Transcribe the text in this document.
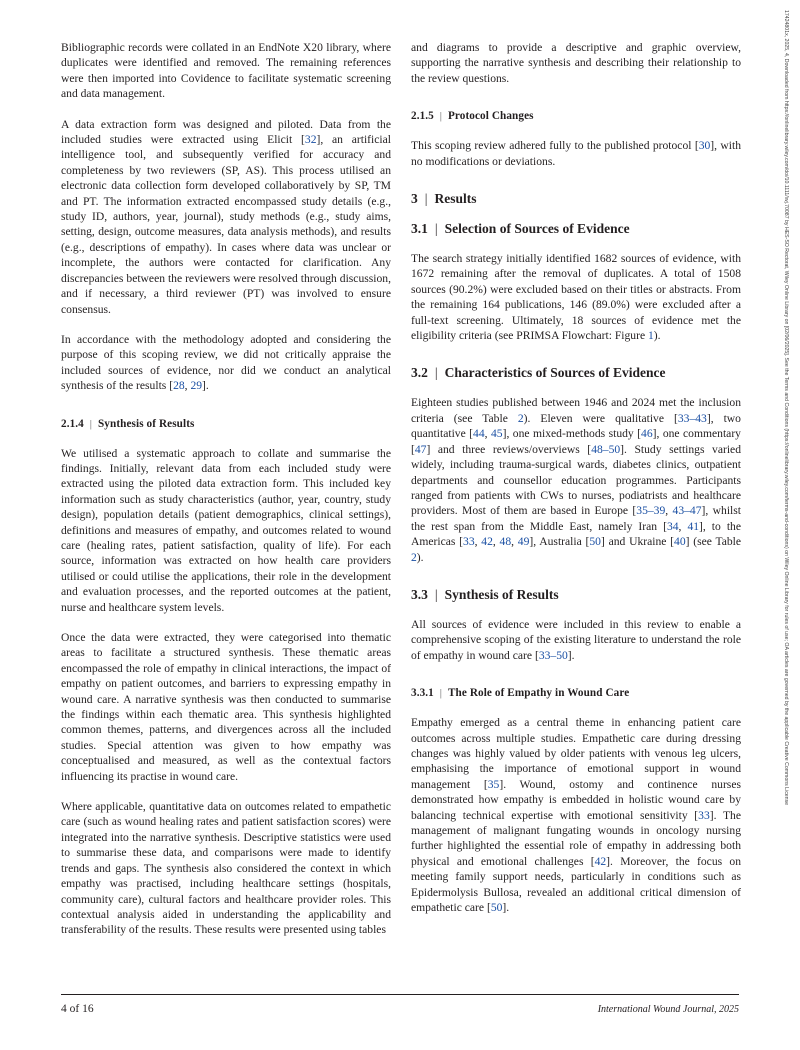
17424801x, 2025, 4, Downloaded from https://onlinelibrary.wiley.com/doi/10.1111/iwj.70087 by HES-SO Rectorat, Wiley Online Library on [02/06/2025]. See the Terms and Conditions (https://onlinelibrary.wiley.com/terms-and-conditions) on Wiley Online Library for rules of use; OA articles are governed by the applicable Creative Commons License

Bibliographic records were collated in an EndNote X20 library, where duplicates were identified and removed. The remaining references were then imported into Covidence to facilitate systematic screening and data management.

A data extraction form was designed and piloted. Data from the included studies were extracted using Elicit [32], an artificial intelligence tool, and subsequently verified for accuracy and completeness by two reviewers (SP, AS). This process utilised an electronic data collection form developed collaboratively by SP, TM and PT. The information extracted encompassed study details (e.g., study ID, authors, year, journal), study methods (e.g., study aims, setting, design, outcome measures, data analysis methods), and results (e.g., descriptions of empathy). In cases where data was unclear or incomplete, the authors were contacted for clarification. Any discrepancies between the reviewers were resolved through discussion, and if necessary, a third reviewer (PT) was involved to ensure consensus.

In accordance with the methodology adopted and considering the purpose of this scoping review, we did not critically appraise the included sources of evidence, nor did we conduct an analytical synthesis of the results [28, 29].

2.1.4 | Synthesis of Results

We utilised a systematic approach to collate and summarise the findings. Initially, relevant data from each included study were extracted using the piloted data extraction form. This included key information such as study characteristics (author, year, country, study design), population details (patient demographics, clinical settings), definitions and measures of empathy, and outcomes related to wound care (healing rates, patient satisfaction, quality of life). For each source, information was extracted on how health care providers utilised or could utilise the applications, their role in the development and evaluation processes, and the reported outcomes at the patient, nurse and healthcare system levels.

Once the data were extracted, they were categorised into thematic areas to facilitate a structured synthesis. These thematic areas encompassed the role of empathy in clinical interactions, the impact of empathy on patient outcomes, and barriers to expressing empathy in wound care. A narrative synthesis was then conducted to summarise the findings within each thematic area. This synthesis highlighted common themes, patterns, and divergences across all the included studies. Special attention was given to how empathy was conceptualised and measured, as well as the contextual factors influencing its practise in wound care.

Where applicable, quantitative data on outcomes related to empathetic care (such as wound healing rates and patient satisfaction scores) were integrated into the narrative synthesis. Descriptive statistics were used to summarise these data, and comparisons were made to identify trends and gaps. The synthesis also considered the context in which empathy was practised, including healthcare settings (hospitals, community care), cultural factors and healthcare provider roles. This contextual analysis aided in understanding the applicability and transferability of the results. These results were presented using tables

and diagrams to provide a descriptive and graphic overview, supporting the narrative synthesis and describing their relationship to the review questions.

2.1.5 | Protocol Changes

This scoping review adhered fully to the published protocol [30], with no modifications or deviations.

3 | Results
3.1 | Selection of Sources of Evidence

The search strategy initially identified 1682 sources of evidence, with 1672 remaining after the removal of duplicates. A total of 1508 sources (90.2%) were excluded based on their titles or abstracts. From the remaining 164 publications, 146 (89.0%) were excluded after a full-text screening. Ultimately, 18 sources of evidence met the eligibility criteria (see PRIMSA Flowchart: Figure 1).

3.2 | Characteristics of Sources of Evidence

Eighteen studies published between 1946 and 2024 met the inclusion criteria (see Table 2). Eleven were qualitative [33–43], two quantitative [44, 45], one mixed-methods study [46], one commentary [47] and three reviews/overviews [48–50]. Study settings varied widely, including trauma-surgical wards, diabetes clinics, outpatient departments and counsellor education programmes. Participants ranged from patients with CWs to nurses, podiatrists and healthcare providers. Most of them are based in Europe [35–39, 43–47], whilst the rest span from the Middle East, namely Iran [34, 41], to the Americas [33, 42, 48, 49], Australia [50] and Ukraine [40] (see Table 2).

3.3 | Synthesis of Results

All sources of evidence were included in this review to enable a comprehensive scoping of the existing literature to understand the role of empathy in wound care [33–50].

3.3.1 | The Role of Empathy in Wound Care

Empathy emerged as a central theme in enhancing patient care outcomes across multiple studies. Empathetic care during dressing changes was highly valued by older patients with venous leg ulcers, emphasising the importance of emotional support in wound management [35]. Wound, ostomy and continence nurses demonstrated how empathy is embedded in holistic wound care by balancing technical expertise with emotional sensitivity [33]. The management of malignant fungating wounds in oncology nursing further highlighted the essential role of empathy in addressing both physical and emotional challenges [42]. Moreover, the focus on meeting family support needs, particularly in conditions such as Epidermolysis Bullosa, revealed an additional critical dimension of empathetic care [50].

4 of 16	International Wound Journal, 2025
